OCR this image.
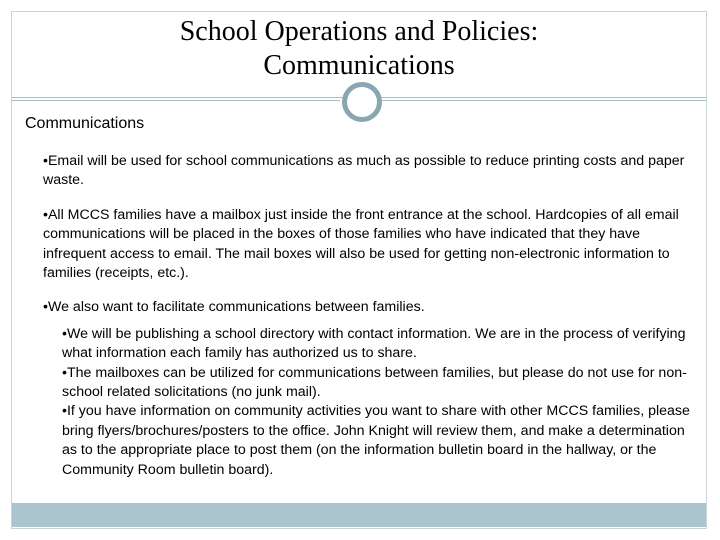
School Operations and Policies:
Communications
Communications

•Email will be used for school communications as much as possible to reduce printing costs and paper waste.

•All MCCS families have a mailbox just inside the front entrance at the school. Hardcopies of all email communications will be placed in the boxes of those families who have indicated that they have infrequent access to email. The mail boxes will also be used for getting non-electronic information to families (receipts, etc.).

•We also want to facilitate communications between families.

•We will be publishing a school directory with contact information. We are in the process of verifying what information each family has authorized us to share.

•The mailboxes can be utilized for communications between families, but please do not use for non-school related solicitations (no junk mail).

•If you have information on community activities you want to share with other MCCS families, please bring flyers/brochures/posters to the office. John Knight will review them, and make a determination as to the appropriate place to post them (on the information bulletin board in the hallway, or the Community Room bulletin board).
